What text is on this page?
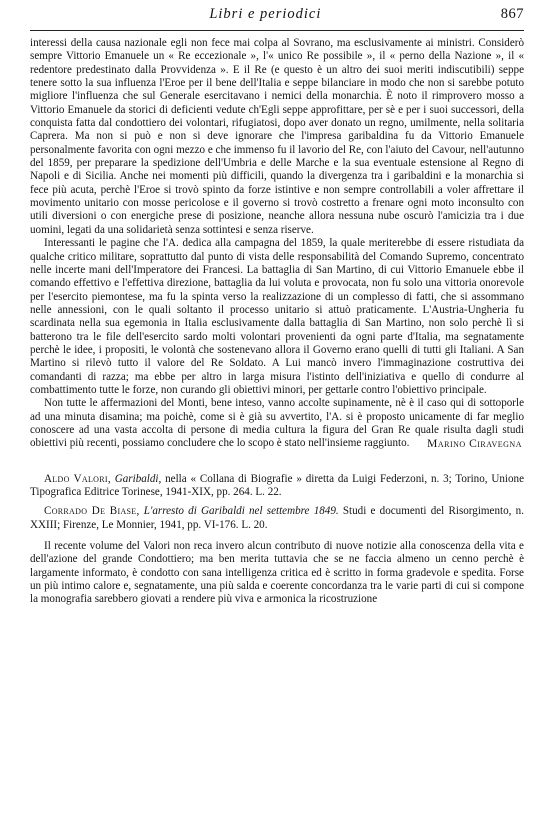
Libri e periodici	867

interessi della causa nazionale egli non fece mai colpa al Sovrano, ma esclusivamente ai ministri. Considerò sempre Vittorio Emanuele un « Re eccezionale », l'« unico Re possibile », il « perno della Nazione », il « redentore predestinato dalla Provvidenza ». E il Re (e questo è un altro dei suoi meriti indiscutibili) seppe tenere sotto la sua influenza l'Eroe per il bene dell'Italia e seppe bilanciare in modo che non si sarebbe potuto migliore l'influenza che sul Generale esercitavano i nemici della monarchia. È noto il rimprovero mosso a Vittorio Emanuele da storici di deficienti vedute ch'Egli seppe approfittare, per sè e per i suoi successori, della conquista fatta dal condottiero dei volontari, rifugiatosi, dopo aver donato un regno, umilmente, nella solitaria Caprera. Ma non si può e non si deve ignorare che l'impresa garibaldina fu da Vittorio Emanuele personalmente favorita con ogni mezzo e che immenso fu il lavorio del Re, con l'aiuto del Cavour, nell'autunno del 1859, per preparare la spedizione dell'Umbria e delle Marche e la sua eventuale estensione al Regno di Napoli e di Sicilia. Anche nei momenti più difficili, quando la divergenza tra i garibaldini e la monarchia si fece più acuta, perchè l'Eroe si trovò spinto da forze istintive e non sempre controllabili a voler affrettare il movimento unitario con mosse pericolose e il governo si trovò costretto a frenare ogni moto inconsulto con utili diversioni o con energiche prese di posizione, neanche allora nessuna nube oscurò l'amicizia tra i due uomini, legati da una solidarietà senza sottintesi e senza riserve.

Interessanti le pagine che l'A. dedica alla campagna del 1859, la quale meriterebbe di essere ristudiata da qualche critico militare, soprattutto dal punto di vista delle responsabilità del Comando Supremo, concentrato nelle incerte mani dell'Imperatore dei Francesi. La battaglia di San Martino, di cui Vittorio Emanuele ebbe il comando effettivo e l'effettiva direzione, battaglia da lui voluta e provocata, non fu solo una vittoria onorevole per l'esercito piemontese, ma fu la spinta verso la realizzazione di un complesso di fatti, che si assommano nelle annessioni, con le quali soltanto il processo unitario si attuò praticamente. L'Austria-Ungheria fu scardinata nella sua egemonia in Italia esclusivamente dalla battaglia di San Martino, non solo perchè lì si batterono tra le file dell'esercito sardo molti volontari provenienti da ogni parte d'Italia, ma segnatamente perchè le idee, i propositi, le volontà che sostenevano allora il Governo erano quelli di tutti gli Italiani. A San Martino si rilevò tutto il valore del Re Soldato. A Lui mancò invero l'immaginazione costruttiva dei comandanti di razza; ma ebbe per altro in larga misura l'istinto dell'iniziativa e quello di condurre al combattimento tutte le forze, non curando gli obiettivi minori, per gettarle contro l'obiettivo principale.

Non tutte le affermazioni del Monti, bene inteso, vanno accolte supinamente, nè è il caso qui di sottoporle ad una minuta disamina; ma poichè, come si è già su avvertito, l'A. si è proposto unicamente di far meglio conoscere ad una vasta accolta di persone di media cultura la figura del Gran Re quale risulta dagli studi obiettivi più recenti, possiamo concludere che lo scopo è stato nell'insieme raggiunto.	Marino Ciravegna

Aldo Valori, Garibaldi, nella « Collana di Biografie » diretta da Luigi Federzoni, n. 3; Torino, Unione Tipografica Editrice Torinese, 1941-XIX, pp. 264. L. 22.

Corrado De Biase, L'arresto di Garibaldi nel settembre 1849. Studi e documenti del Risorgimento, n. XXIII; Firenze, Le Monnier, 1941, pp. VI-176. L. 20.

Il recente volume del Valori non reca invero alcun contributo di nuove notizie alla conoscenza della vita e dell'azione del grande Condottiero; ma ben merita tuttavia che se ne faccia almeno un cenno perchè è largamente informato, è condotto con sana intelligenza critica ed è scritto in forma gradevole e spedita. Forse un più intimo calore e, segnatamente, una più salda e coerente concordanza tra le varie parti di cui si compone la monografia sarebbero giovati a rendere più viva e armonica la ricostruzione
